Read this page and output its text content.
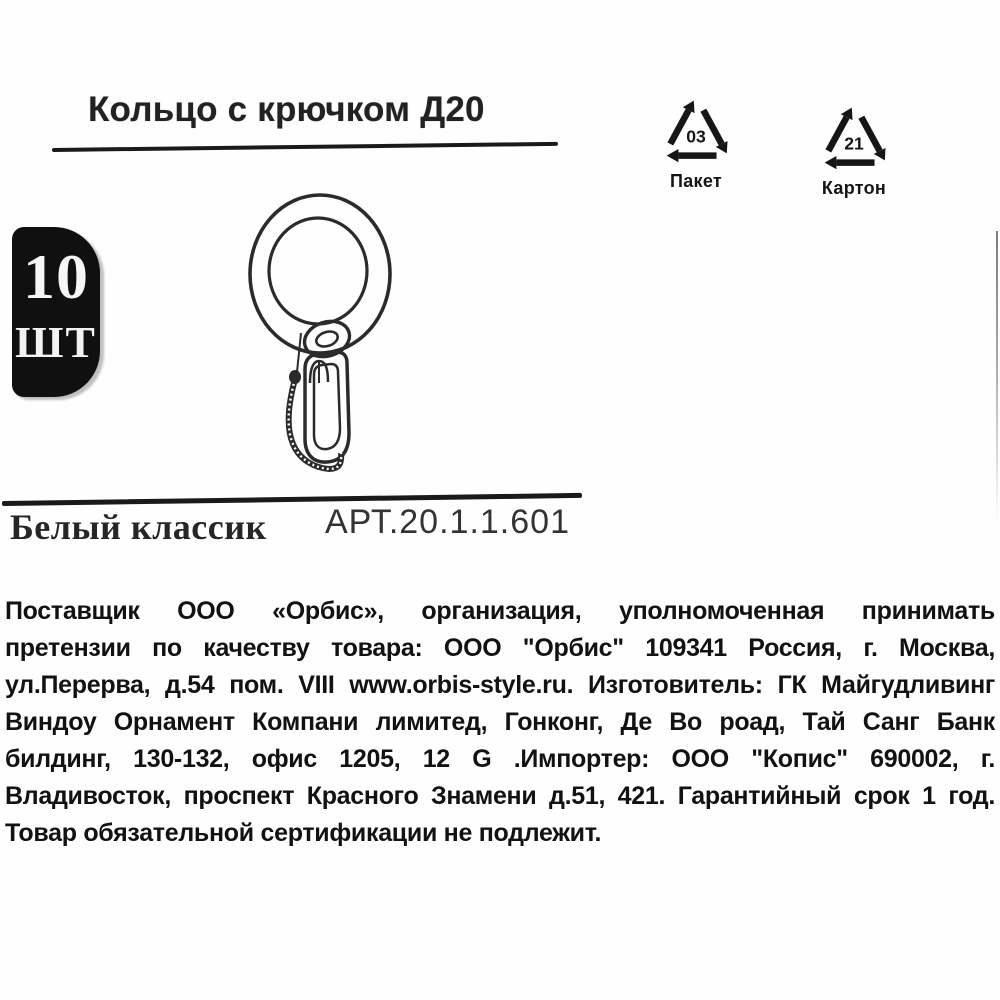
Кольцо с крючком Д20
03
Пакет
21
Картон
10
ШТ
Белый классик АРТ.20.1.1.601
Поставщик ООО «Орбис», организация, уполномоченная принимать
претензии по качеству товара: ООО "Орбис" 109341 Россия, г. Москва,
ул.Перерва, д.54 пом. VIII www.orbis-style.ru. Изготовитель: ГК Майгудливинг
Виндоу Орнамент Компани лимитед, Гонконг, Де Во роад, Тай Санг Банк
билдинг, 130-132, офис 1205, 12 G .Импортер: ООО "Копис" 690002, г.
Владивосток, проспект Красного Знамени д.51, 421. Гарантийный срок 1 год.
Товар обязательной сертификации не подлежит.
